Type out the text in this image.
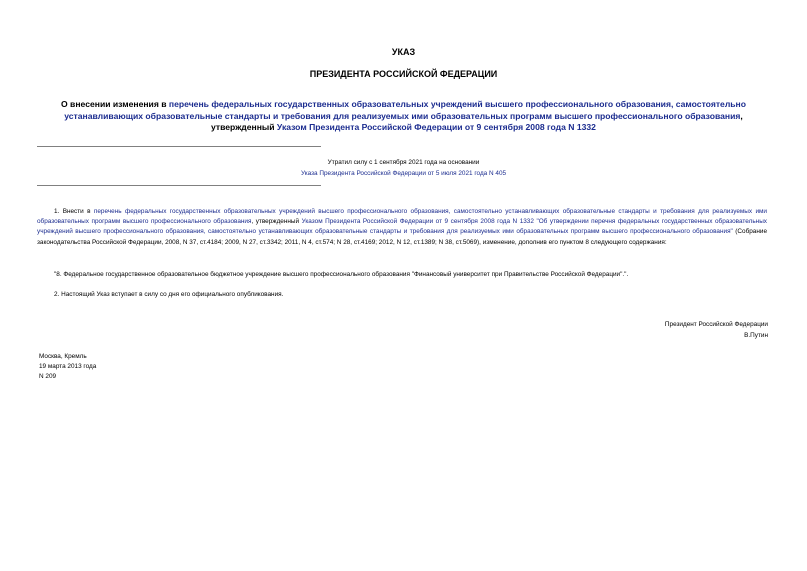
УКАЗ
ПРЕЗИДЕНТА РОССИЙСКОЙ ФЕДЕРАЦИИ
О внесении изменения в перечень федеральных государственных образовательных учреждений высшего профессионального образования, самостоятельно устанавливающих образовательные стандарты и требования для реализуемых ими образовательных программ высшего профессионального образования, утвержденный Указом Президента Российской Федерации от 9 сентября 2008 года N 1332
Утратил силу с 1 сентября 2021 года на основании
Указа Президента Российской Федерации от 5 июля 2021 года N 405
1. Внести в перечень федеральных государственных образовательных учреждений высшего профессионального образования, самостоятельно устанавливающих образовательные стандарты и требования для реализуемых ими образовательных программ высшего профессионального образования, утвержденный Указом Президента Российской Федерации от 9 сентября 2008 года N 1332 "Об утверждении перечня федеральных государственных образовательных учреждений высшего профессионального образования, самостоятельно устанавливающих образовательные стандарты и требования для реализуемых ими образовательных программ высшего профессионального образования" (Собрание законодательства Российской Федерации, 2008, N 37, ст.4184; 2009, N 27, ст.3342; 2011, N 4, ст.574; N 28, ст.4169; 2012, N 12, ст.1389; N 38, ст.5069), изменение, дополнив его пунктом 8 следующего содержания:
"8. Федеральное государственное образовательное бюджетное учреждение высшего профессионального образования "Финансовый университет при Правительстве Российской Федерации".".
2. Настоящий Указ вступает в силу со дня его официального опубликования.
Президент Российской Федерации
В.Путин
Москва, Кремль
19 марта 2013 года
N 209
